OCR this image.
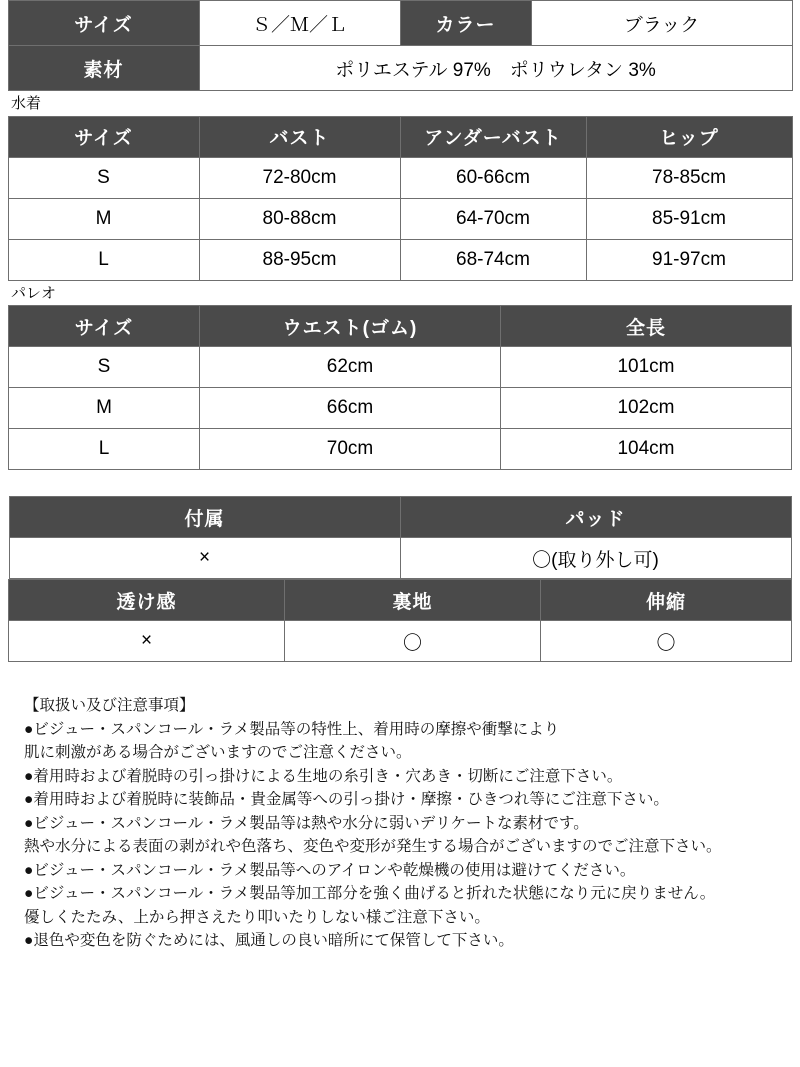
サイズ	Ｓ／Ｍ／Ｌ	カラー	ブラック
素材	ポリエステル 97%　ポリウレタン 3%		
水着
サイズ	バスト	アンダーバスト	ヒップ
S	72-80cm	60-66cm	78-85cm
M	80-88cm	64-70cm	85-91cm
L	88-95cm	68-74cm	91-97cm
パレオ
サイズ	ウエスト(ゴム)	全長
S	62cm	101cm
M	66cm	102cm
L	70cm	104cm
付属	パッド
×	〇(取り外し可)
透け感	裏地	伸縮
×	〇	〇
【取扱い及び注意事項】
●ビジュー・スパンコール・ラメ製品等の特性上、着用時の摩擦や衝撃により
肌に刺激がある場合がございますのでご注意ください。
●着用時および着脱時の引っ掛けによる生地の糸引き・穴あき・切断にご注意下さい。
●着用時および着脱時に装飾品・貴金属等への引っ掛け・摩擦・ひきつれ等にご注意下さい。
●ビジュー・スパンコール・ラメ製品等は熱や水分に弱いデリケートな素材です。
熱や水分による表面の剥がれや色落ち、変色や変形が発生する場合がございますのでご注意下さい。
●ビジュー・スパンコール・ラメ製品等へのアイロンや乾燥機の使用は避けてください。
●ビジュー・スパンコール・ラメ製品等加工部分を強く曲げると折れた状態になり元に戻りません。
優しくたたみ、上から押さえたり叩いたりしない様ご注意下さい。
●退色や変色を防ぐためには、風通しの良い暗所にて保管して下さい。
